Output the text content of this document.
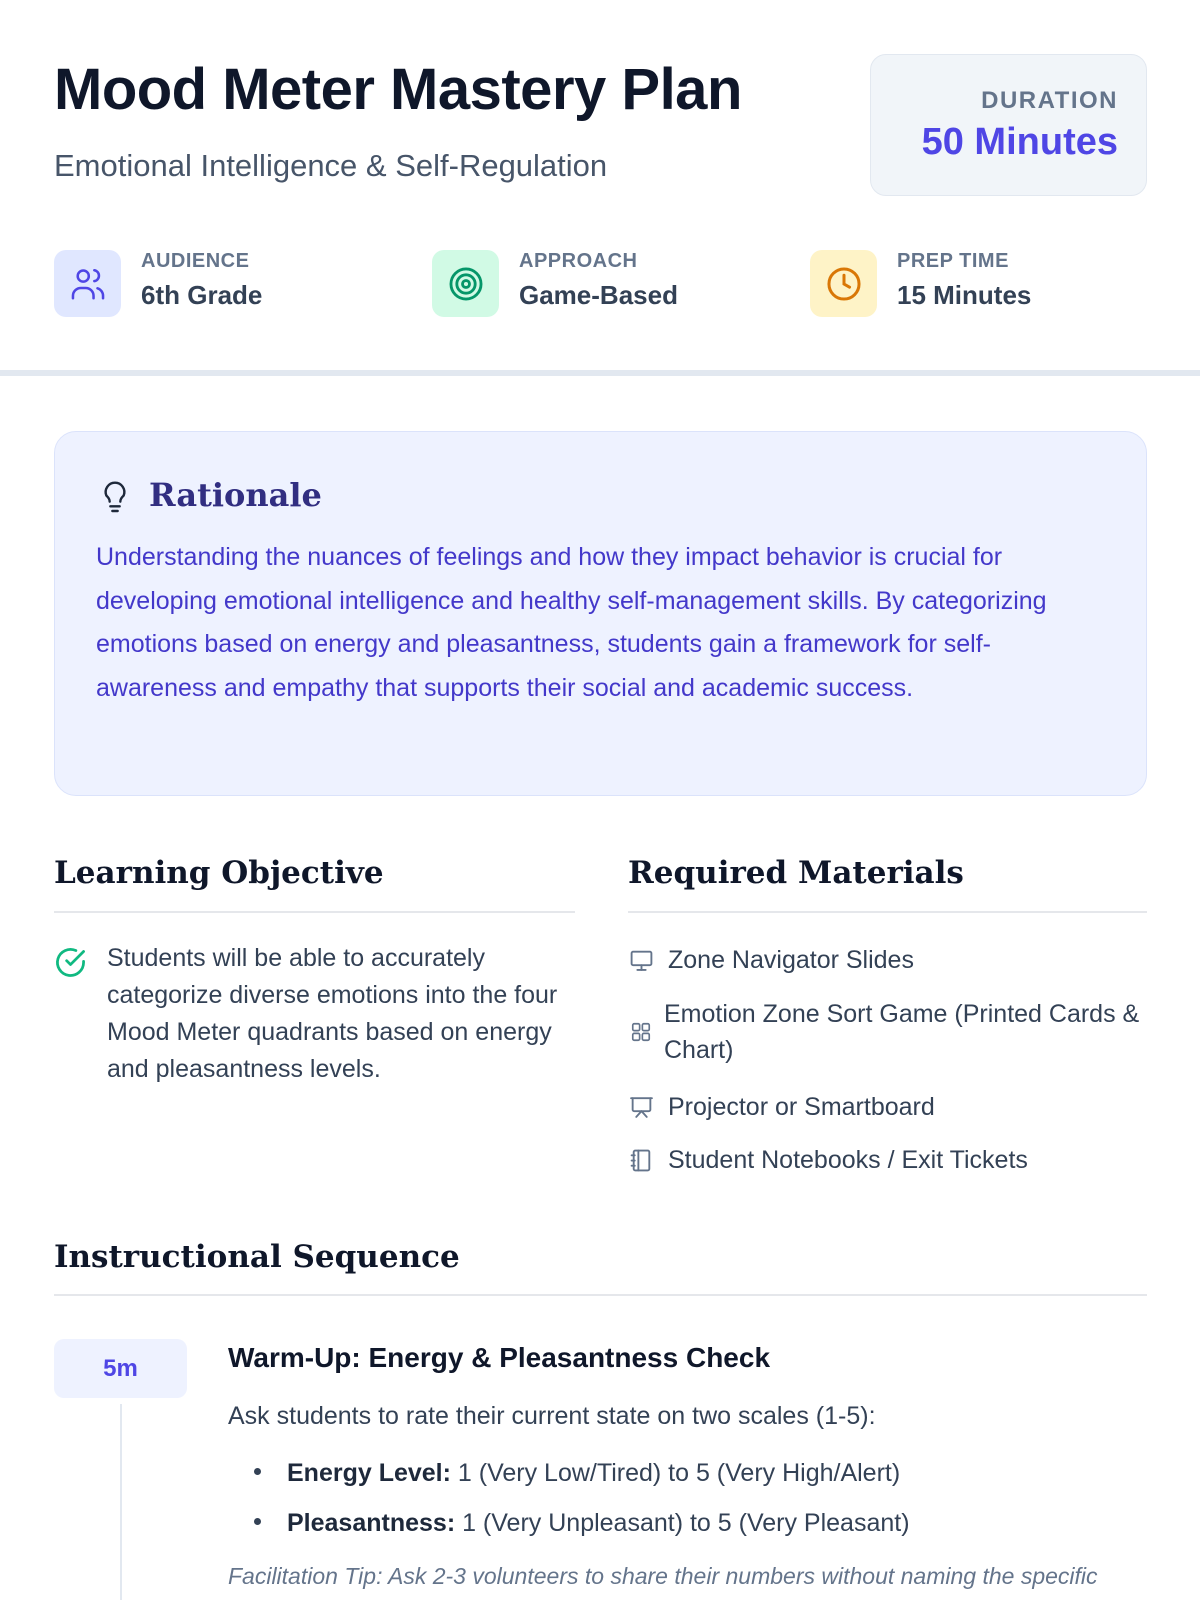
Mood Meter Mastery Plan
Emotional Intelligence & Self-Regulation
DURATION
50 Minutes
AUDIENCE
6th Grade
APPROACH
Game-Based
PREP TIME
15 Minutes
Rationale

Understanding the nuances of feelings and how they impact behavior is crucial for developing emotional intelligence and healthy self-management skills. By categorizing emotions based on energy and pleasantness, students gain a framework for self-awareness and empathy that supports their social and academic success.

Learning Objective

Students will be able to accurately categorize diverse emotions into the four Mood Meter quadrants based on energy and pleasantness levels.

Required Materials
Zone Navigator Slides
Emotion Zone Sort Game (Printed Cards & Chart)
Projector or Smartboard
Student Notebooks / Exit Tickets
Instructional Sequence
5m	Warm-Up: Energy & Pleasantness Check
Ask students to rate their current state on two scales (1-5):
Energy Level: 1 (Very Low/Tired) to 5 (Very High/Alert)
Pleasantness: 1 (Very Unpleasant) to 5 (Very Pleasant)
Facilitation Tip: Ask 2-3 volunteers to share their numbers without naming the specific
